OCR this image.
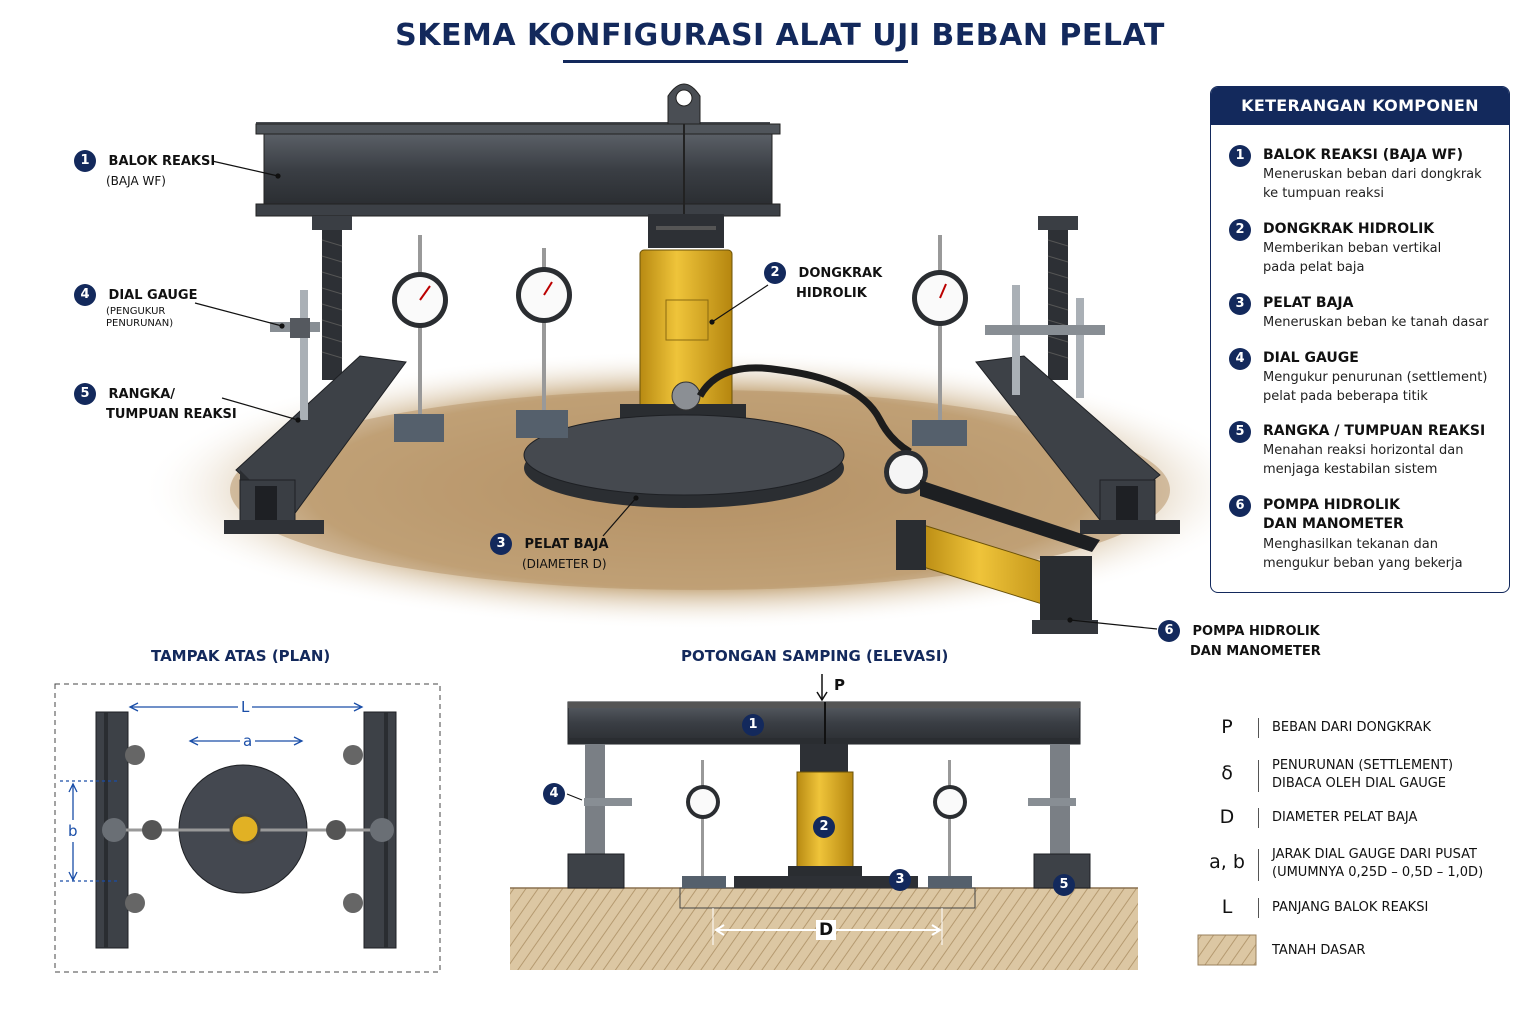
SKEMA KONFIGURASI ALAT UJI BEBAN PELAT
1 BALOK REAKSI
(BAJA WF)
4 DIAL GAUGE
(PENGUKUR PENURUNAN)
5 RANGKA/
TUMPUAN REAKSI
2 DONGKRAK
HIDROLIK
3 PELAT BAJA
(DIAMETER D)
6 POMPA HIDROLIK
DAN MANOMETER
KETERANGAN KOMPONEN
1	BALOK REAKSI (BAJA WF)
Meneruskan beban dari dongkrak
ke tumpuan reaksi
2	DONGKRAK HIDROLIK
Memberikan beban vertikal
pada pelat baja
3	PELAT BAJA
Meneruskan beban ke tanah dasar
4	DIAL GAUGE
Mengukur penurunan (settlement)
pelat pada beberapa titik
5	RANGKA / TUMPUAN REAKSI
Menahan reaksi horizontal dan
menjaga kestabilan sistem
6	POMPA HIDROLIK
DAN MANOMETER
Menghasilkan tekanan dan
mengukur beban yang bekerja
TAMPAK ATAS (PLAN)	POTONGAN SAMPING (ELEVASI)
L
a
b
P
D
1
2
3
4
5
P	BEBAN DARI DONGKRAK
δ	PENURUNAN (SETTLEMENT)
DIBACA OLEH DIAL GAUGE
D	DIAMETER PELAT BAJA
a, b	JARAK DIAL GAUGE DARI PUSAT
(UMUMNYA 0,25D – 0,5D – 1,0D)
L	PANJANG BALOK REAKSI
TANAH DASAR
